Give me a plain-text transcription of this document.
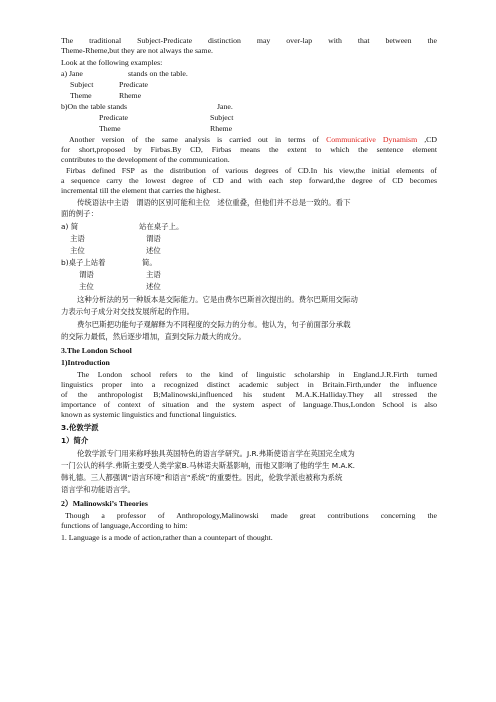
The traditional Subject-Predicate distinction may over-lap with that between the
Theme-Rheme,but they are not always the same.
Look at the following examples:
a) Jane	stands on the table.
Subject	Predicate
Theme	Rheme
b)On the table stands	Jane.
Predicate	Subject
Theme	Rheme
Another version of the same analysis is carried out in terms of Communicative Dynamism ,CD
for short,proposed by Firbas.By CD, Firbas means the extent to which the sentence element
contributes to the development of the communication.
Firbas defined FSP as the distribution of various degrees of CD.In his view,the initial elements of
a sequence carry the lowest degree of CD and with each step forward,the degree of CD becomes
incremental till the element that carries the highest.
传统语法中主语　谓语的区别可能和主位　述位重叠，但他们并不总是一致的。看下
面的例子：
a) 简	站在桌子上。
主语	谓语
主位	述位
b)桌子上站着	简。
谓语	主语
主位	述位
这种分析法的另一种版本是交际能力。它是由费尔巴斯首次提出的。费尔巴斯用交际动
力表示句子成分对交技发展所起的作用。
费尔巴斯把功能句子观解释为不同程度的交际力的分布。他认为，句子前面部分承载
的交际力最低，然后逐步增加，直到交际力最大的成分。
3.The London School
1)Introduction
The London school refers to the kind of linguistic scholarship in England.J.R.Firth turned
linguistics proper into a recognized distinct academic subject in Britain.Firth,under the influence
of the anthropologist B;Malinowski,influenced his student M.A.K.Halliday.They all stressed the
importance of context of situation and the system aspect of language.Thus,London School is also
known as systemic linguistics and functional linguistics.
3.伦敦学派
1）简介
伦敦学派专门用来称呼独具英国特色的语言学研究。J.R.弗斯使语言学在英国完全成为
一门公认的科学.弗斯主要受人类学家B.马林诺夫斯基影响，而他又影响了他的学生 M.A.K.
韩礼德。三人都强调“语言环境”和语言“系统”的重要性。因此，伦敦学派也被称为系统
语言学和功能语言学。
2）Malinowski’s Theories
Though a professor of Anthropology,Malinowski made great contributions concerning the
functions of language,According to him:
1. Language is a mode of action,rather than a countepart of thought.
